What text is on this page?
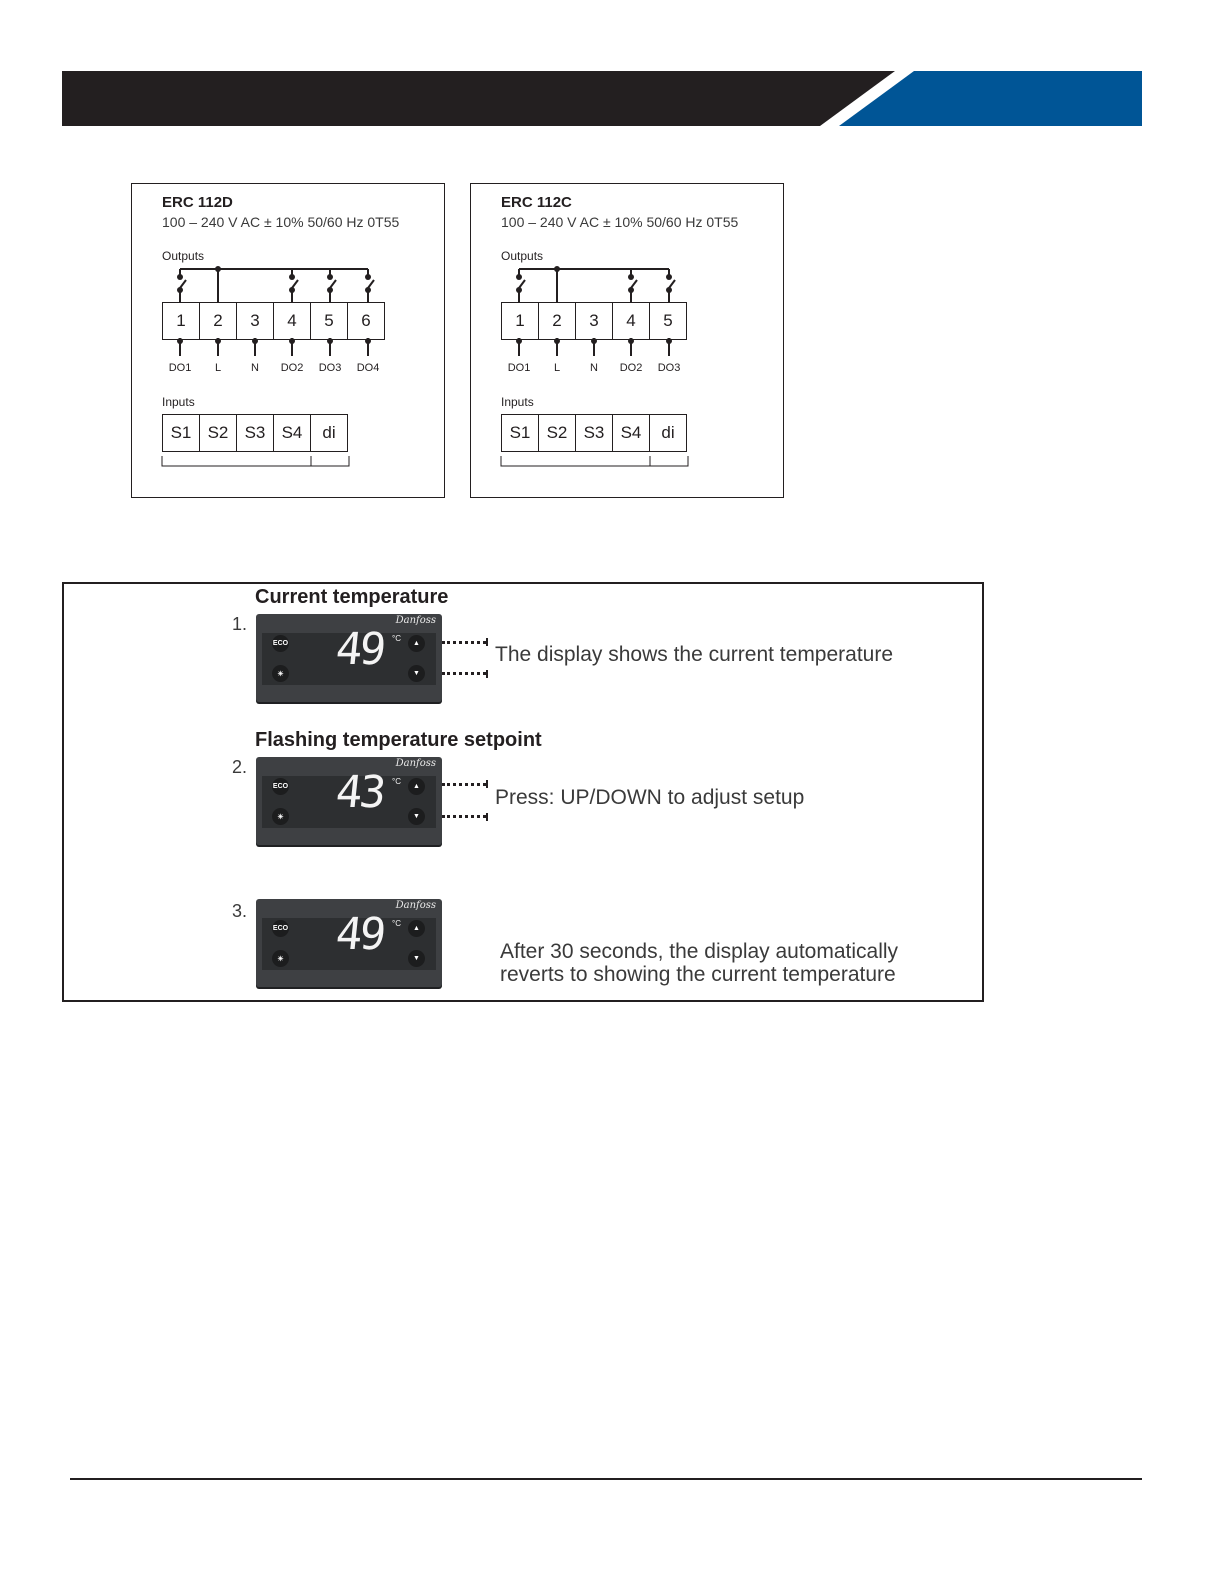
ERC 112D
100 – 240 V AC ± 10% 50/60 Hz 0T55
Outputs
1	2	3	4	5	6
DO1	L	N	DO2	DO3	DO4
Inputs
S1 S2 S3 S4	di
ERC 112C
100 – 240 V AC ± 10% 50/60 Hz 0T55
Outputs
1	2	3	4	5
DO1	L	N	DO2	DO3
Inputs
S1 S2 S3 S4	di
Current temperature
1.	Danfoss
ECO
☀ 49 °C
▲
▼
The display shows the current temperature
Flashing temperature setpoint
2.	Danfoss
ECO
☀ 43 °C
▲
▼
Press: UP/DOWN to adjust setup
3.	Danfoss
ECO
☀ 49 °C
▲
▼	After 30 seconds, the display automatically reverts to showing the current temperature
